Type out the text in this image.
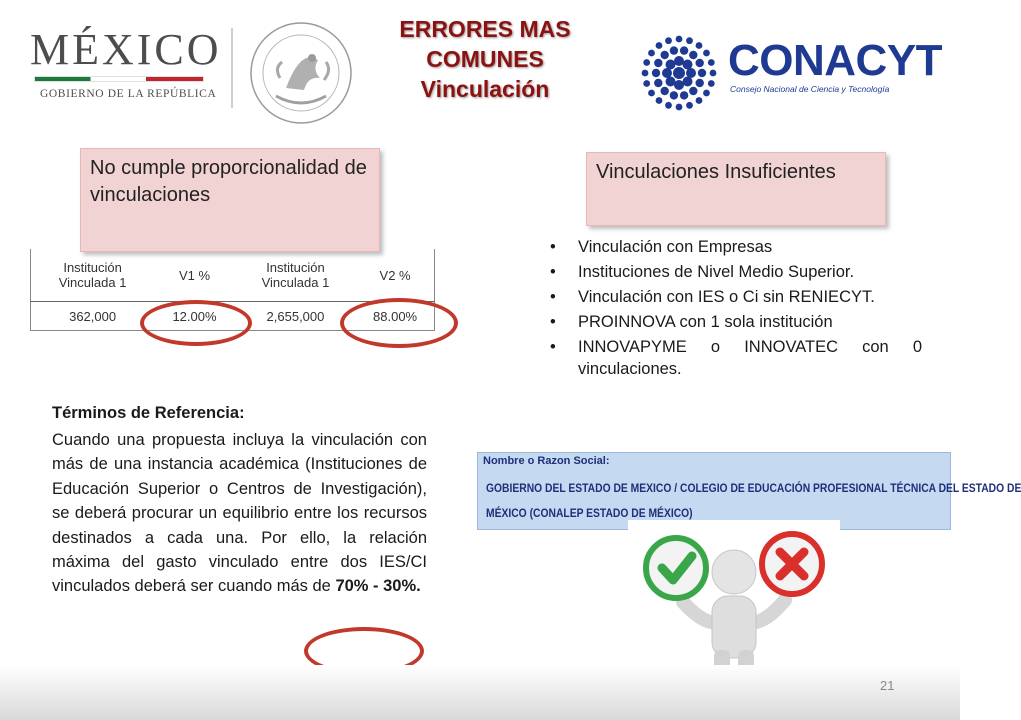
MÉXICO
GOBIERNO DE LA REPÚBLICA
ERRORES MAS
COMUNES
Vinculación
CONACYT
Consejo Nacional de Ciencia y Tecnología
No cumple proporcionalidad de vinculaciones
Vinculaciones Insuficientes
Institución Vinculada 1	V1 %	Institución Vinculada 1	V2 %
362,000	12.00%	2,655,000	88.00%
• Vinculación con Empresas
• Instituciones de Nivel Medio Superior.
• Vinculación con IES o Ci sin RENIECYT.
• PROINNOVA con 1 sola institución
• INNOVAPYME o INNOVATEC con 0 vinculaciones.
Términos de Referencia:
Cuando una propuesta incluya la vinculación con más de una instancia académica (Instituciones de Educación Superior o Centros de Investigación), se deberá procurar un equilibrio entre los recursos destinados a cada una. Por ello, la relación máxima del gasto vinculado entre dos IES/CI vinculados deberá ser cuando más de 70% - 30%.
Nombre o Razon Social:
GOBIERNO DEL ESTADO DE MEXICO / COLEGIO DE EDUCACIÓN PROFESIONAL TÉCNICA DEL ESTADO DE
MÉXICO (CONALEP ESTADO DE MÉXICO)
21
